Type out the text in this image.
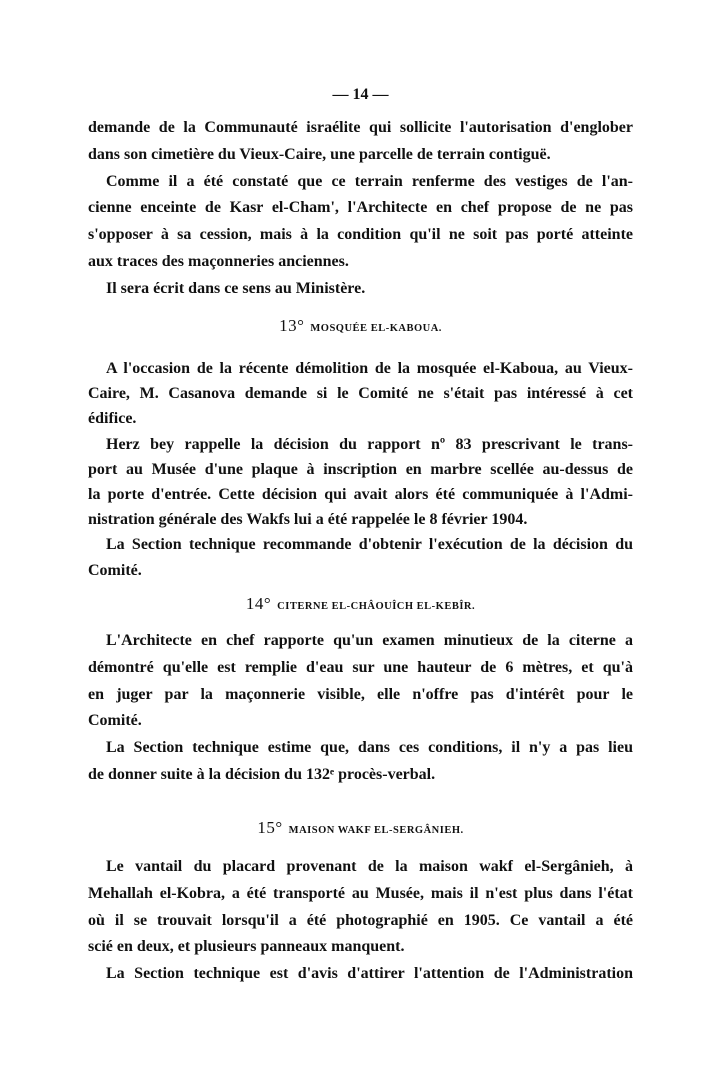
— 14 —
demande de la Communauté israélite qui sollicite l'autorisation d'englober
dans son cimetière du Vieux-Caire, une parcelle de terrain contiguë.
Comme il a été constaté que ce terrain renferme des vestiges de l'an-
cienne enceinte de Kasr el-Cham', l'Architecte en chef propose de ne pas
s'opposer à sa cession, mais à la condition qu'il ne soit pas porté atteinte
aux traces des maçonneries anciennes.
Il sera écrit dans ce sens au Ministère.
13° MOSQUÉE EL-KABOUA.
A l'occasion de la récente démolition de la mosquée el-Kaboua, au Vieux-
Caire, M. Casanova demande si le Comité ne s'était pas intéressé à cet
édifice.
Herz bey rappelle la décision du rapport nº 83 prescrivant le trans-
port au Musée d'une plaque à inscription en marbre scellée au-dessus de
la porte d'entrée. Cette décision qui avait alors été communiquée à l'Admi-
nistration générale des Wakfs lui a été rappelée le 8 février 1904.
La Section technique recommande d'obtenir l'exécution de la décision du
Comité.
14° CITERNE EL-CHÂOUÎCH EL-KEBÎR.
L'Architecte en chef rapporte qu'un examen minutieux de la citerne a
démontré qu'elle est remplie d'eau sur une hauteur de 6 mètres, et qu'à
en juger par la maçonnerie visible, elle n'offre pas d'intérêt pour le
Comité.
La Section technique estime que, dans ces conditions, il n'y a pas lieu
de donner suite à la décision du 132ᵉ procès-verbal.
15° MAISON WAKF EL-SERGÂNIEH.
Le vantail du placard provenant de la maison wakf el-Sergânieh, à
Mehallah el-Kobra, a été transporté au Musée, mais il n'est plus dans l'état
où il se trouvait lorsqu'il a été photographié en 1905. Ce vantail a été
scié en deux, et plusieurs panneaux manquent.
La Section technique est d'avis d'attirer l'attention de l'Administration
